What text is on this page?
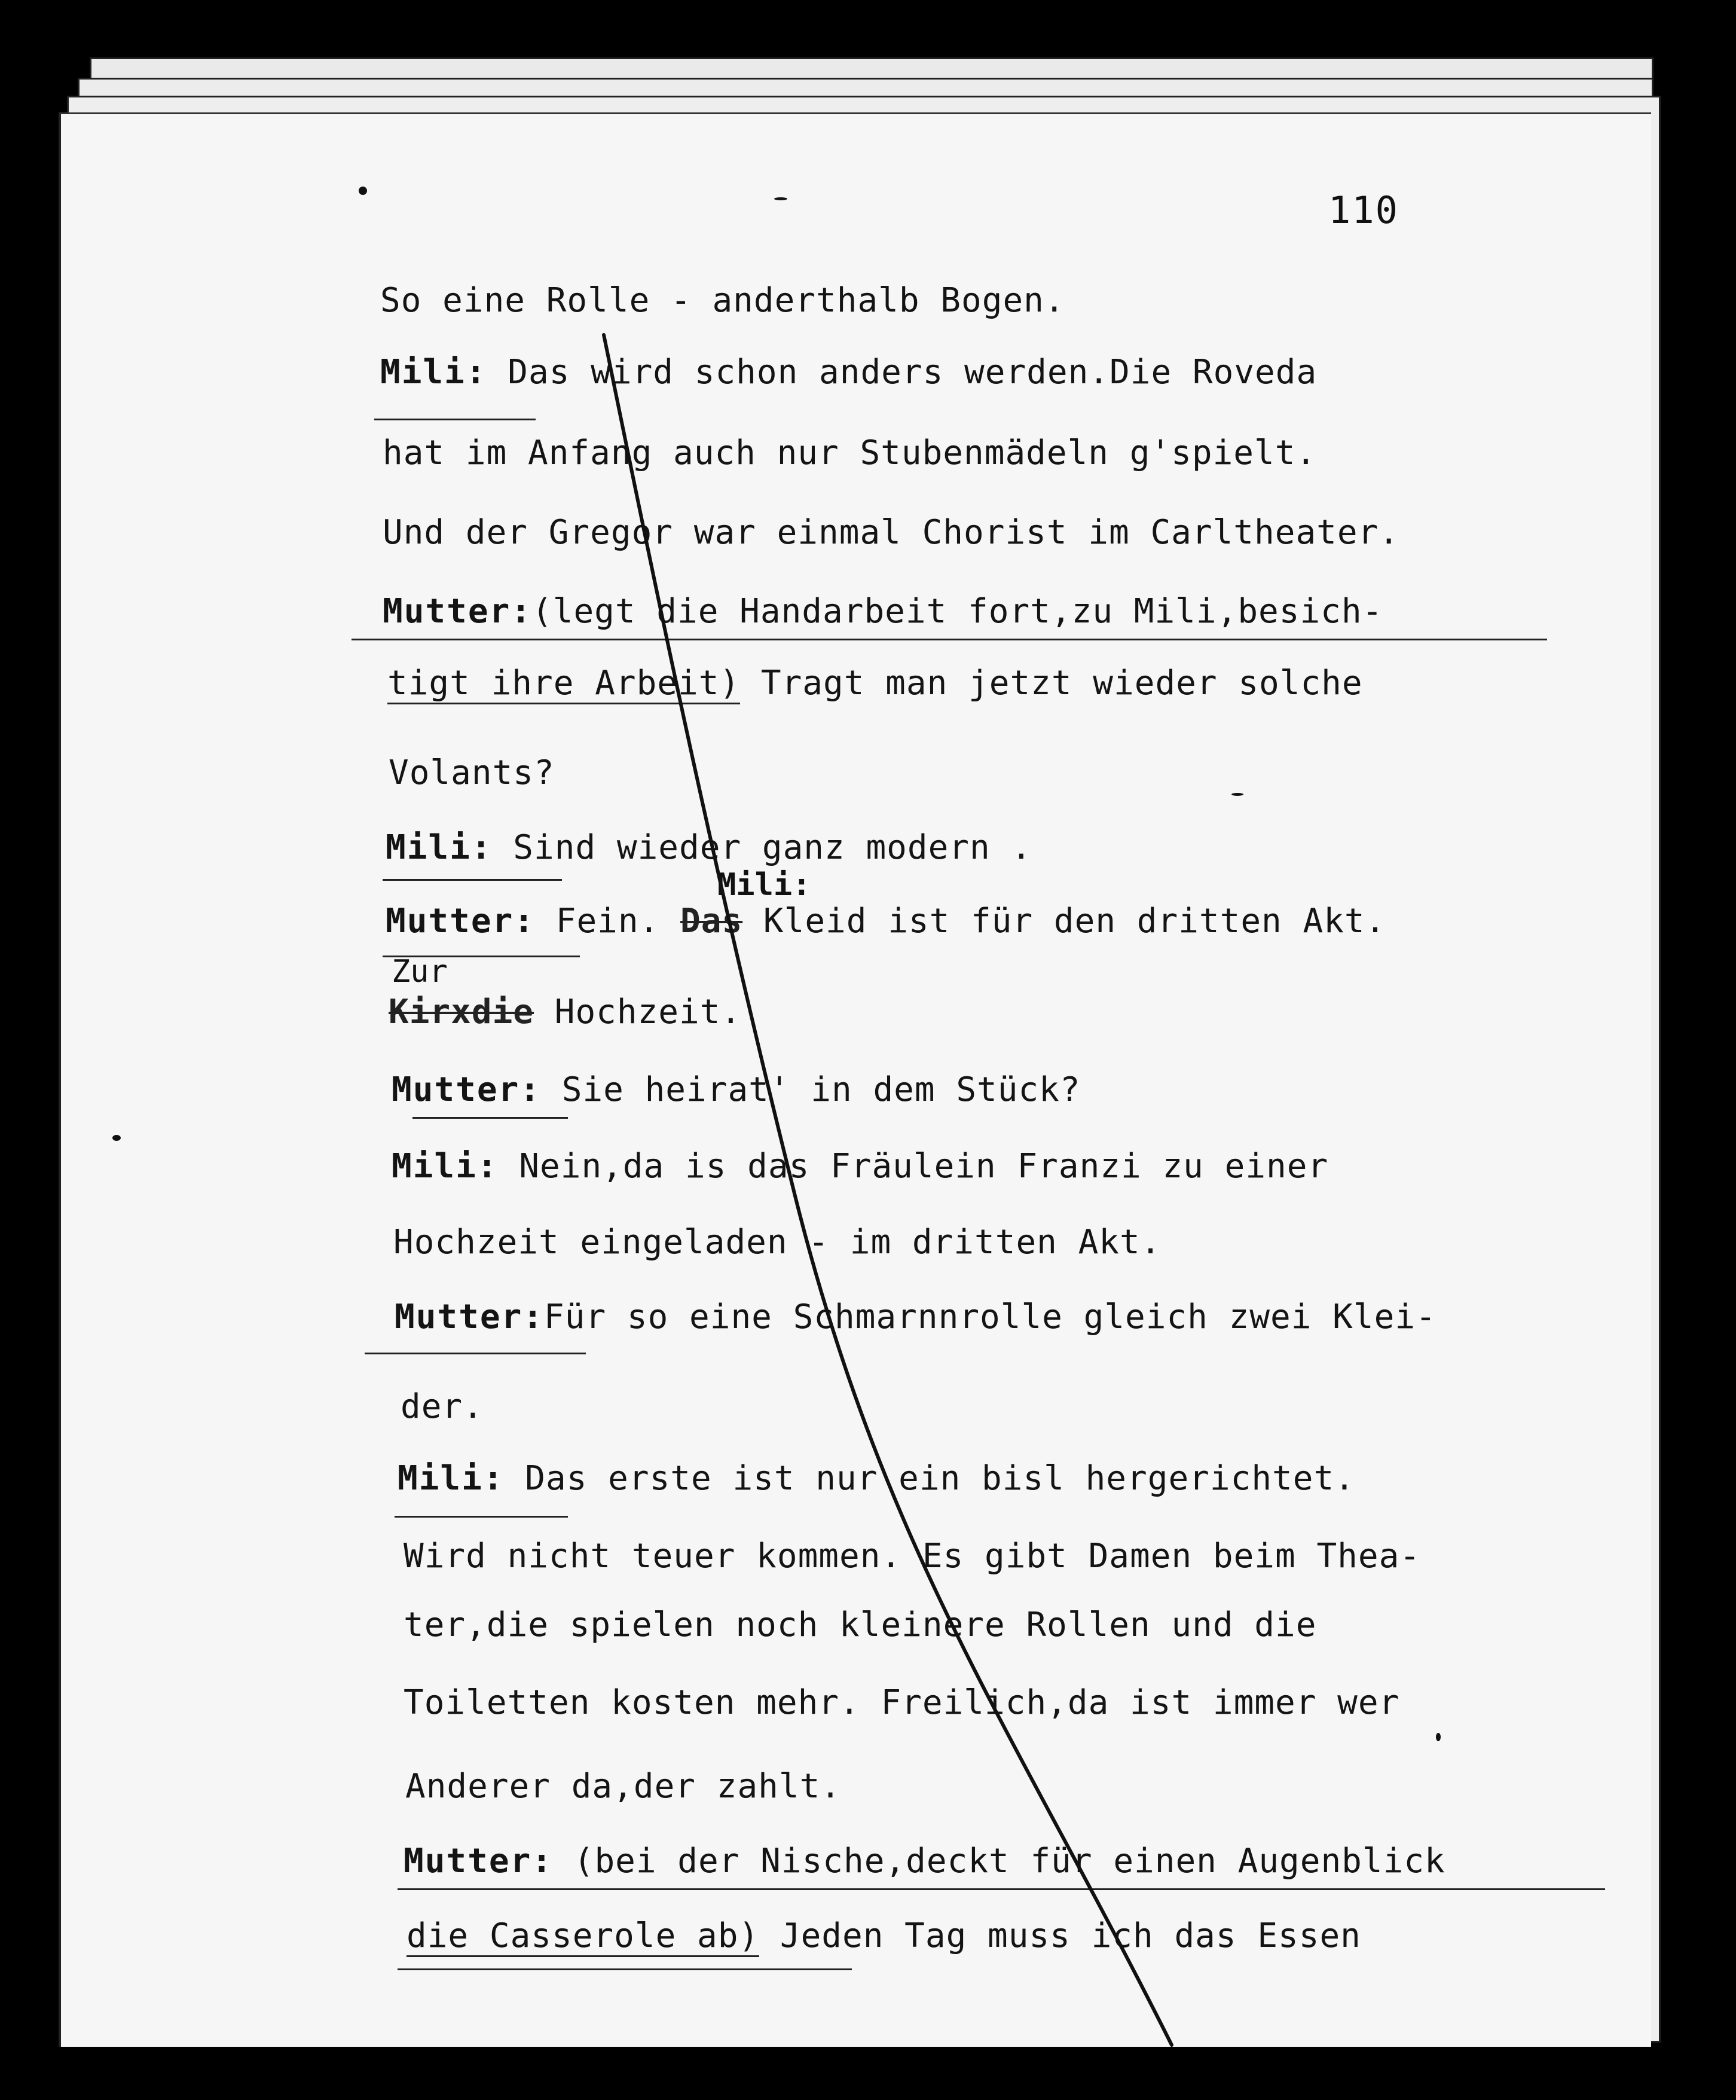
110
So eine Rolle - anderthalb Bogen.
Mili: Das wird schon anders werden.Die Roveda
hat im Anfang auch nur Stubenmädeln g'spielt.
Und der Gregor war einmal Chorist im Carltheater.
Mutter:(legt die Handarbeit fort,zu Mili,besich-
tigt ihre Arbeit) Tragt man jetzt wieder solche
Volants?
Mili: Sind wieder ganz modern .
Mili:
Mutter: Fein. Das Kleid ist für den dritten Akt.
Zur
Kirxdie Hochzeit.
Mutter: Sie heirat' in dem Stück?
Mili: Nein,da is das Fräulein Franzi zu einer
Hochzeit eingeladen - im dritten Akt.
Mutter:Für so eine Schmarnnrolle gleich zwei Klei-
der.
Mili: Das erste ist nur ein bisl hergerichtet.
Wird nicht teuer kommen. Es gibt Damen beim Thea-
ter,die spielen noch kleinere Rollen und die
Toiletten kosten mehr. Freilich,da ist immer wer
Anderer da,der zahlt.
Mutter: (bei der Nische,deckt für einen Augenblick
die Casserole ab) Jeden Tag muss ich das Essen
